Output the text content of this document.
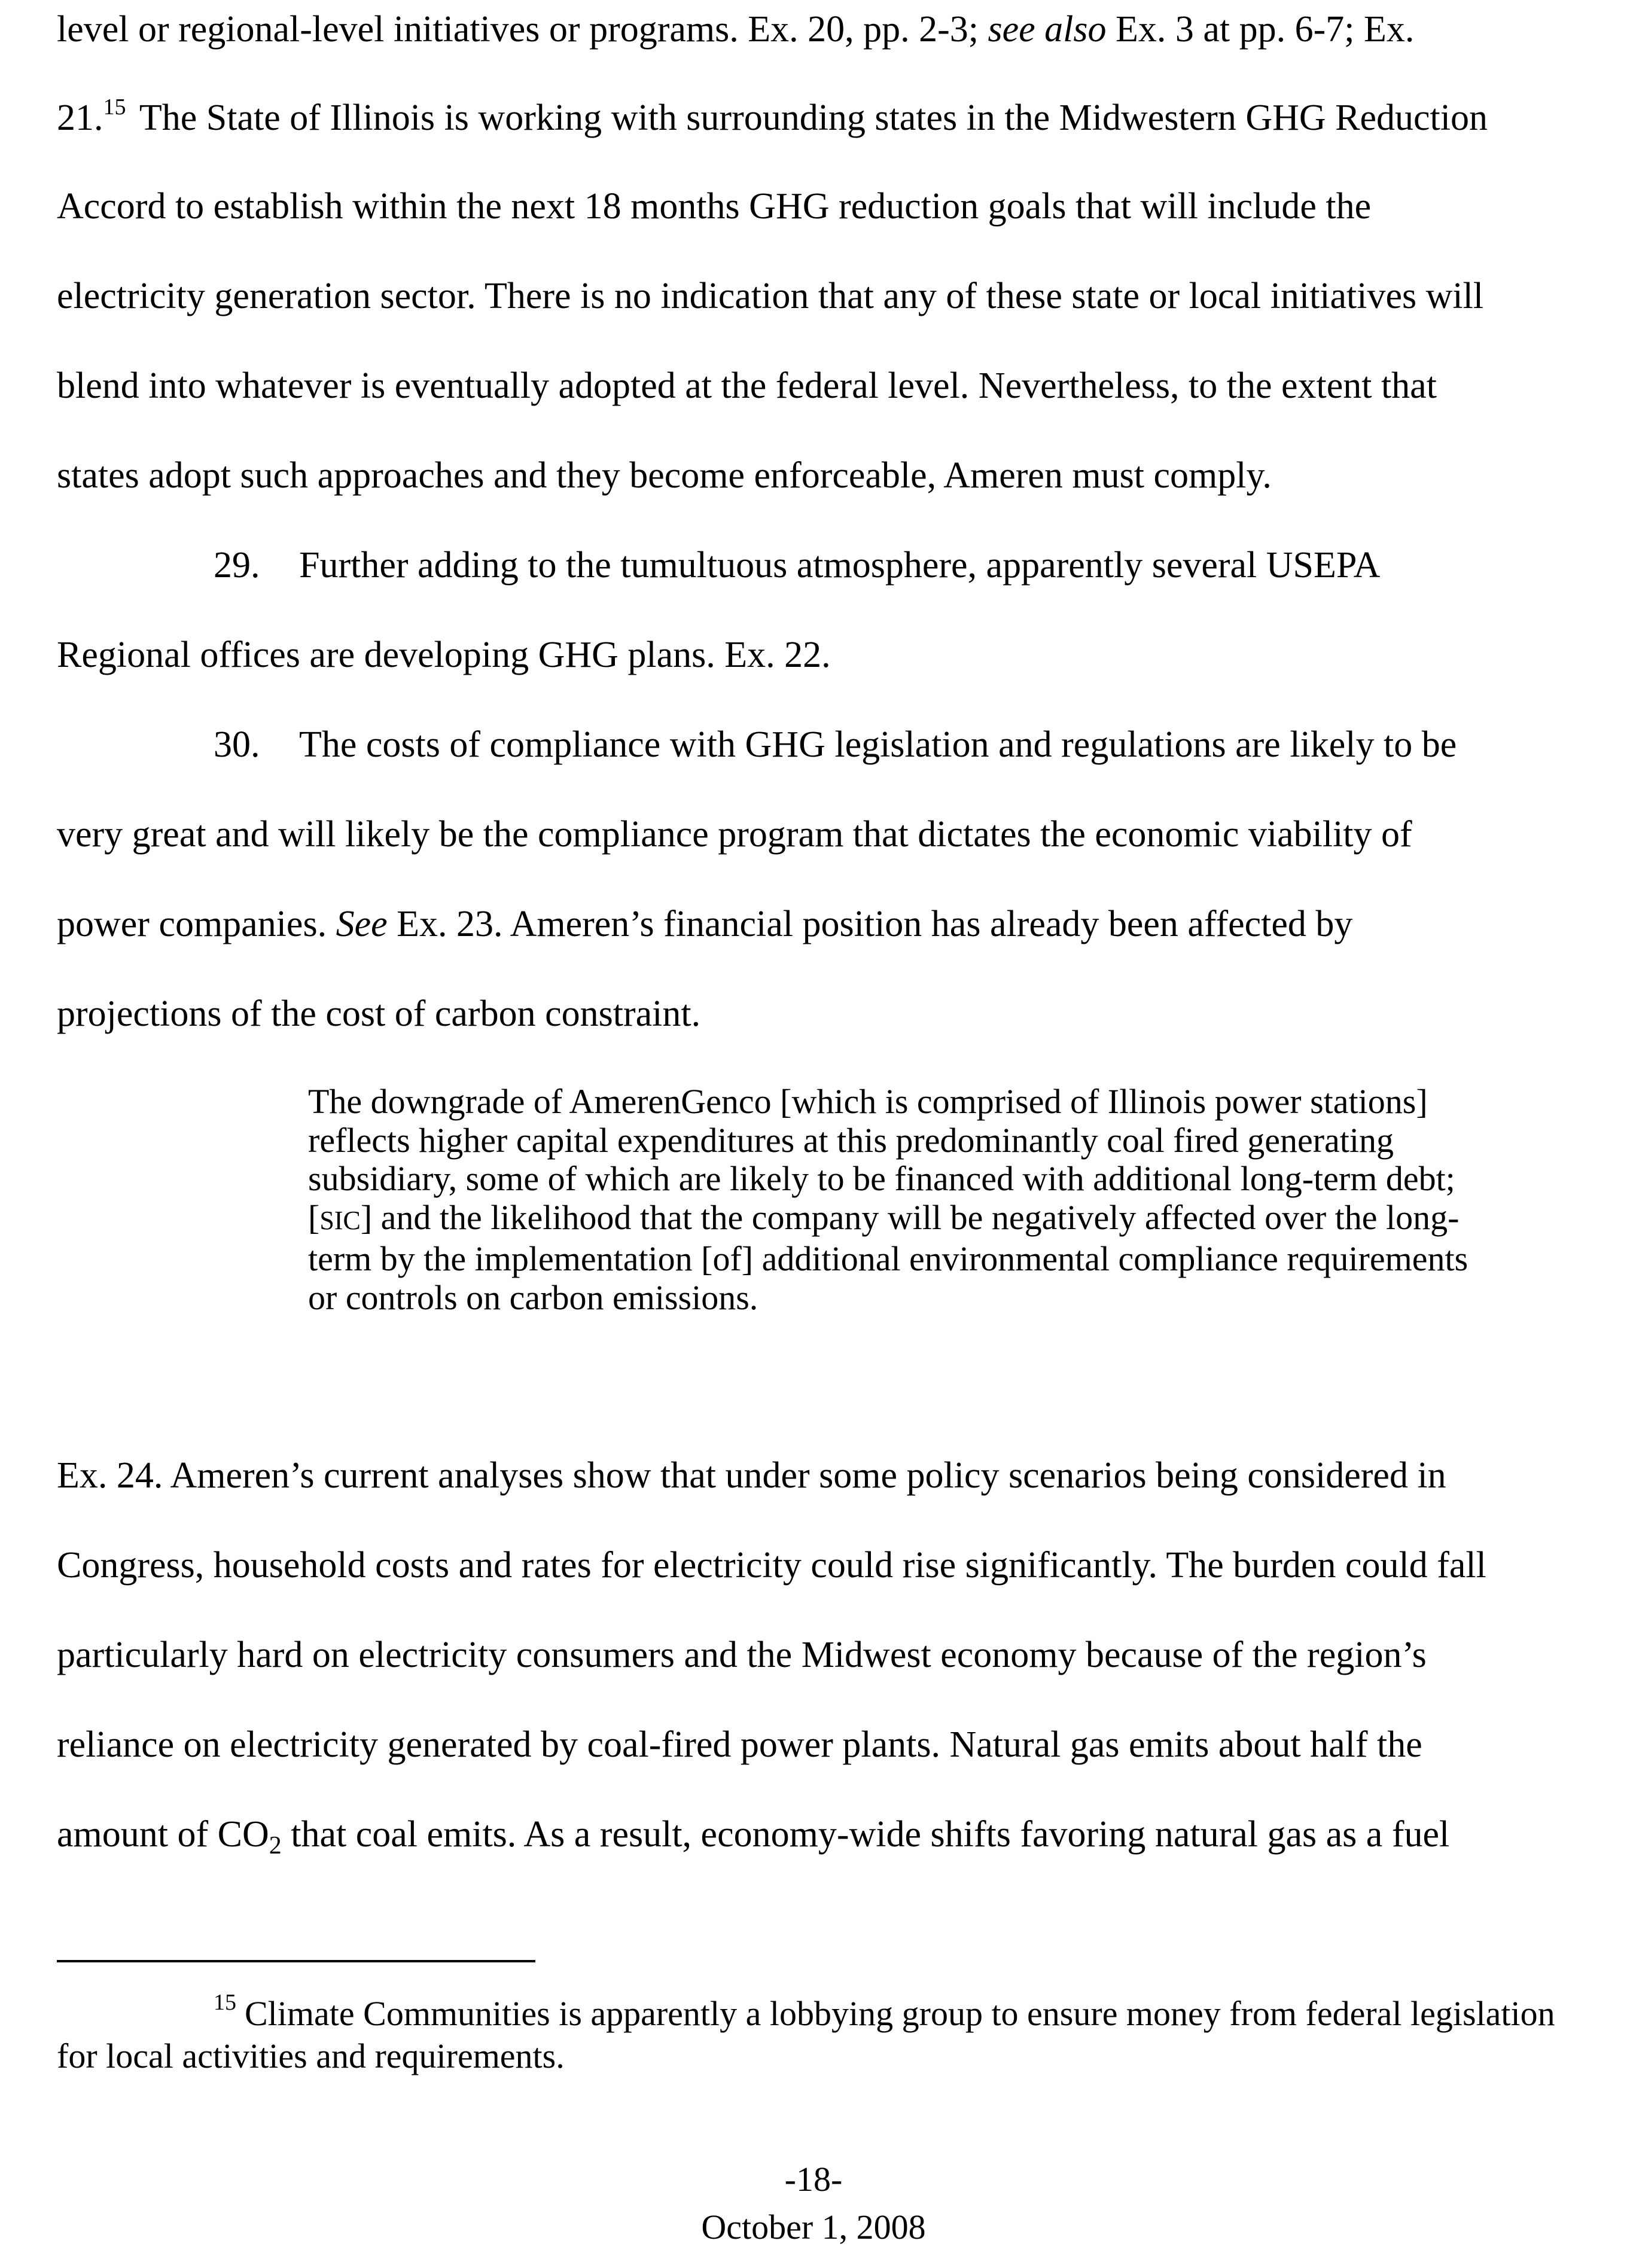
level or regional-level initiatives or programs. Ex. 20, pp. 2-3; see also Ex. 3 at pp. 6-7; Ex.
21.15 The State of Illinois is working with surrounding states in the Midwestern GHG Reduction
Accord to establish within the next 18 months GHG reduction goals that will include the
electricity generation sector. There is no indication that any of these state or local initiatives will
blend into whatever is eventually adopted at the federal level. Nevertheless, to the extent that
states adopt such approaches and they become enforceable, Ameren must comply.
29. Further adding to the tumultuous atmosphere, apparently several USEPA
Regional offices are developing GHG plans. Ex. 22.
30. The costs of compliance with GHG legislation and regulations are likely to be
very great and will likely be the compliance program that dictates the economic viability of
power companies. See Ex. 23. Ameren’s financial position has already been affected by
projections of the cost of carbon constraint.
The downgrade of AmerenGenco [which is comprised of Illinois power stations] reflects higher capital expenditures at this predominantly coal fired generating subsidiary, some of which are likely to be financed with additional long-term debt; [SIC] and the likelihood that the company will be negatively affected over the long-term by the implementation [of] additional environmental compliance requirements or controls on carbon emissions.
Ex. 24. Ameren’s current analyses show that under some policy scenarios being considered in
Congress, household costs and rates for electricity could rise significantly. The burden could fall
particularly hard on electricity consumers and the Midwest economy because of the region’s
reliance on electricity generated by coal-fired power plants. Natural gas emits about half the
amount of CO2 that coal emits. As a result, economy-wide shifts favoring natural gas as a fuel
$^{15}$ Climate Communities is apparently a lobbying group to ensure money from federal legislation for local activities and requirements.
-18-
October 1, 2008
